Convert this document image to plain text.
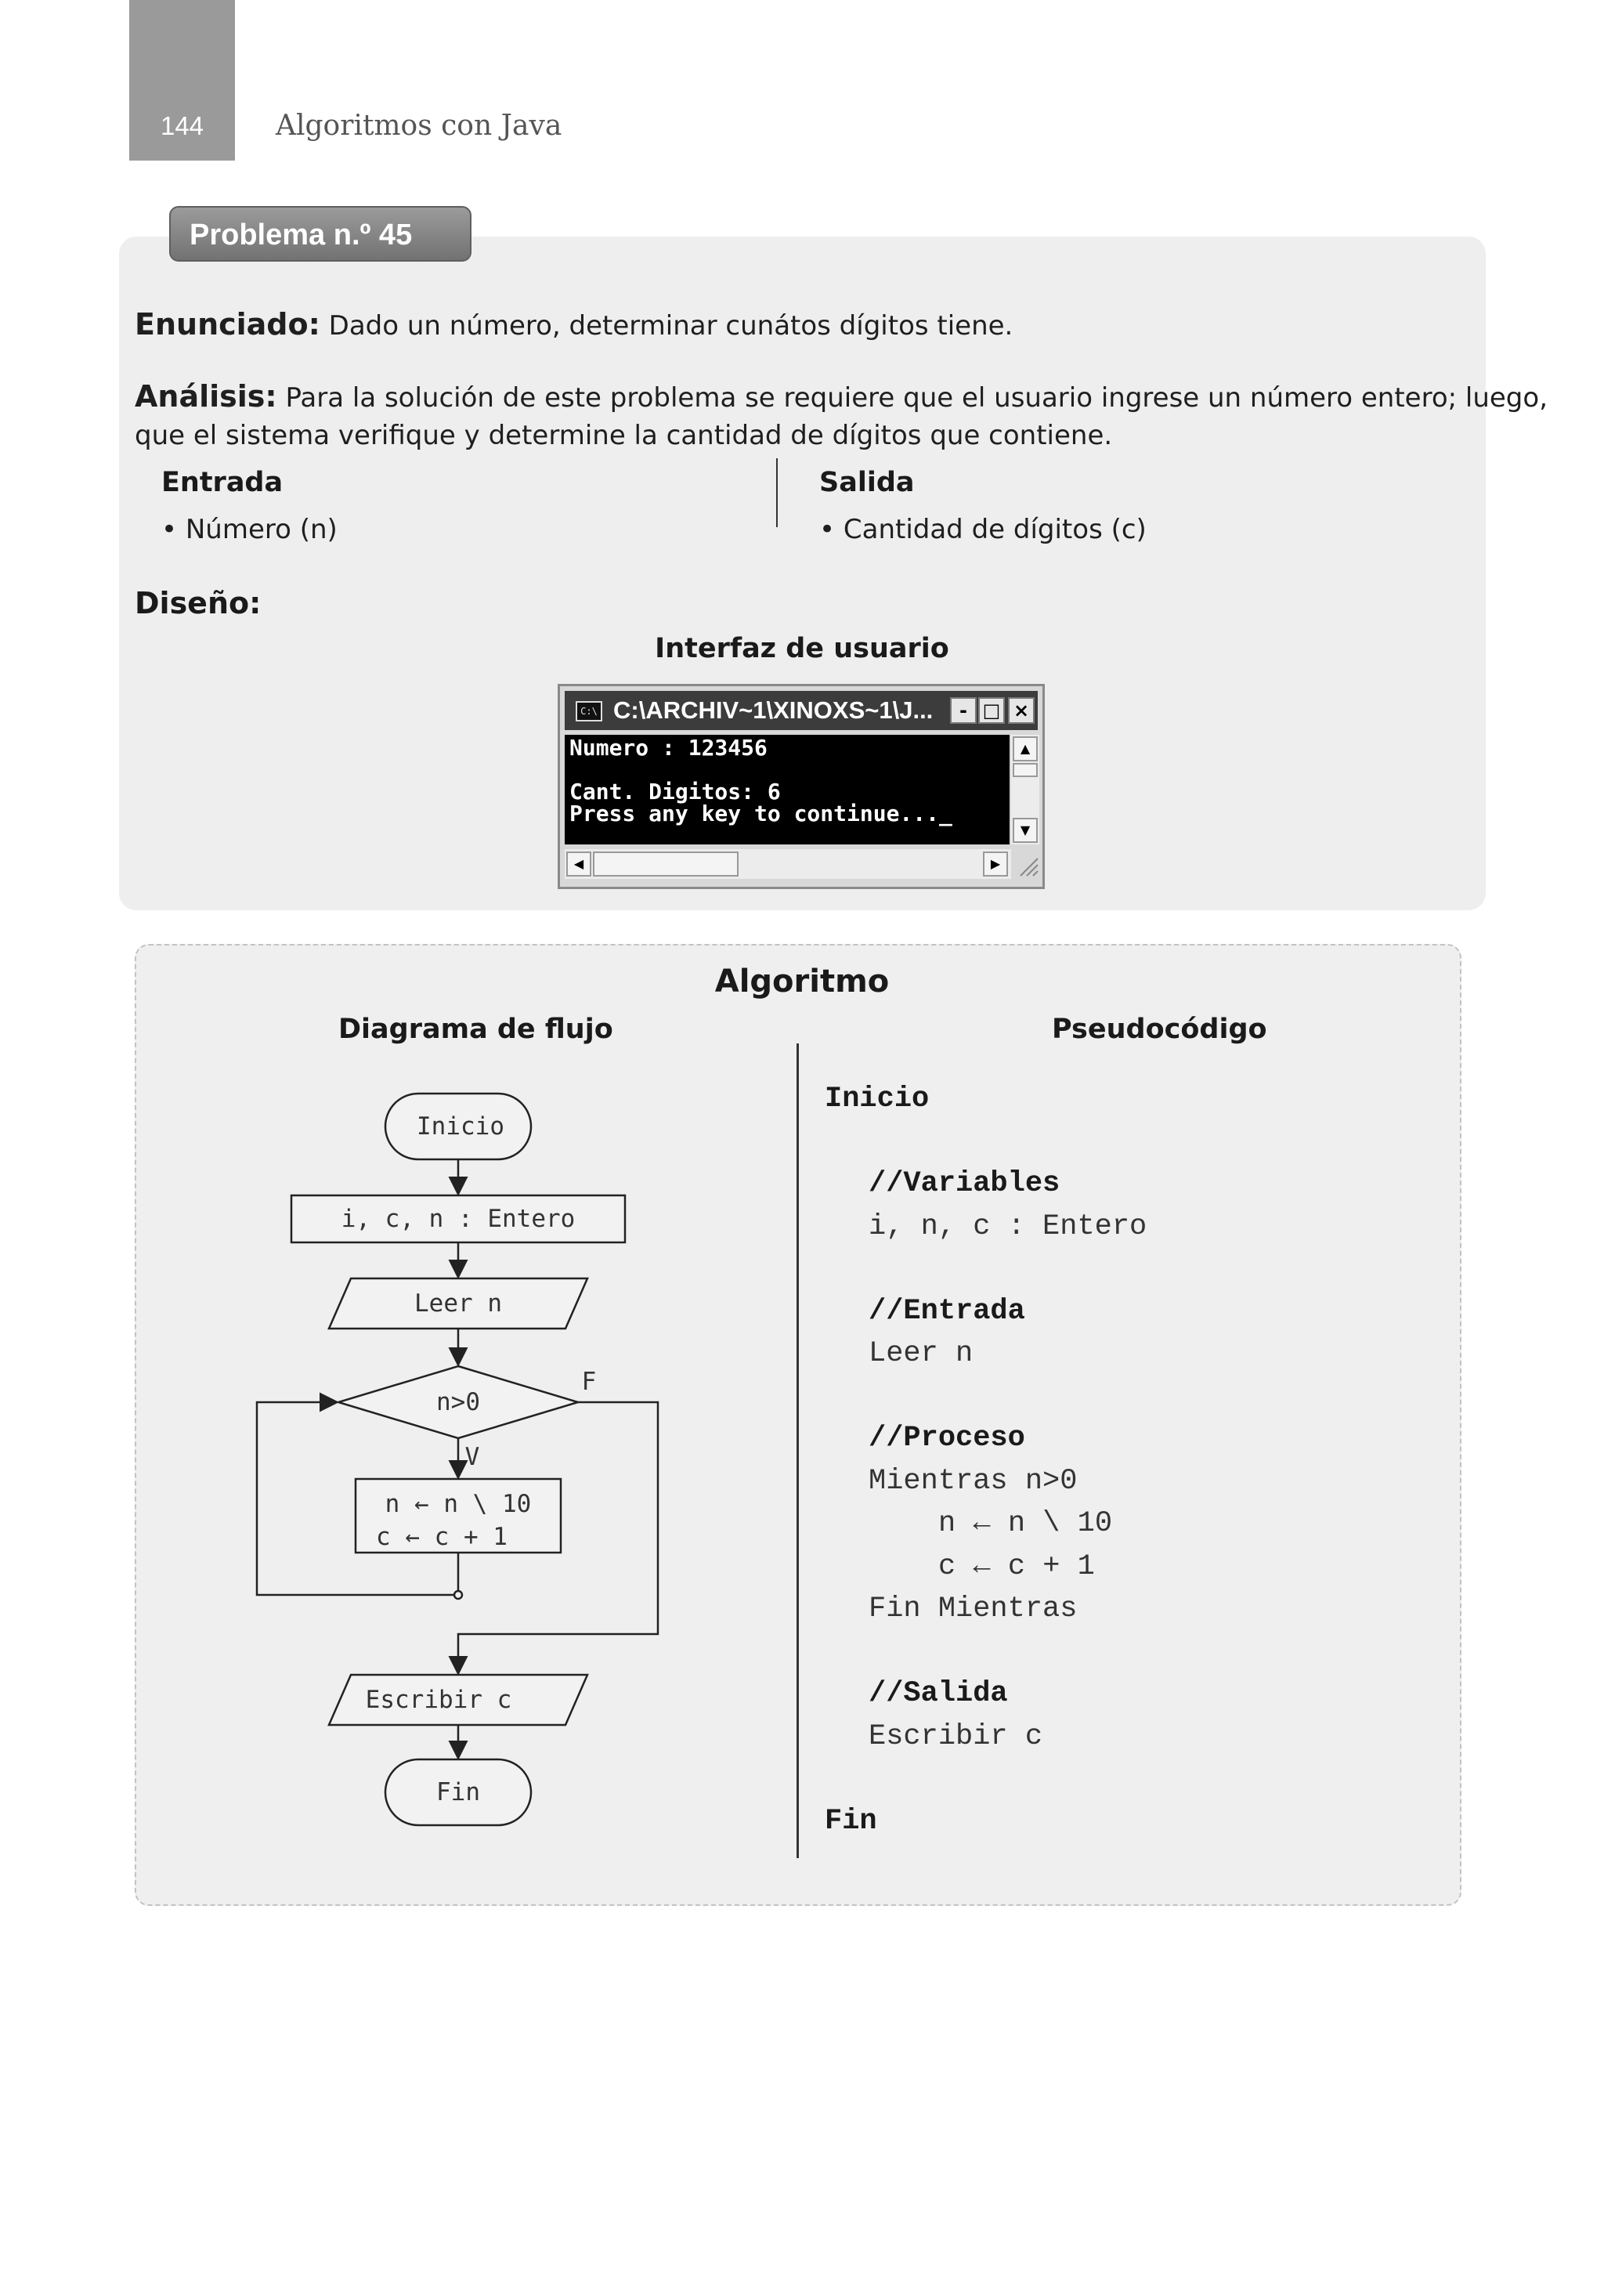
144	Algoritmos con Java
Problema n.º 45
Enunciado: Dado un número, determinar cunátos dígitos tiene.
Análisis: Para la solución de este problema se requiere que el usuario ingrese un número entero; luego,
que el sistema verifique y determine la cantidad de dígitos que contiene.
Entrada
• Número (n)
Salida
• Cantidad de dígitos (c)
Diseño:
Interfaz de usuario
C:\ C:\ARCHIV~1\XINOXS~1\J...	- □ ×
Numero : 123456
Cant. Digitos: 6
Press any key to continue..._
▲
▼
◀	▶
Algoritmo
Diagrama de flujo	Pseudocódigo
Inicio
i, c, n : Entero
Leer n
n>0
V
F
n ← n \ 10
c ← c + 1
Escribir c
Fin
Inicio
//Variables
i, n, c : Entero
//Entrada
Leer n
//Proceso
Mientras n>0
n ← n \ 10
c ← c + 1
Fin Mientras
//Salida
Escribir c
Fin
